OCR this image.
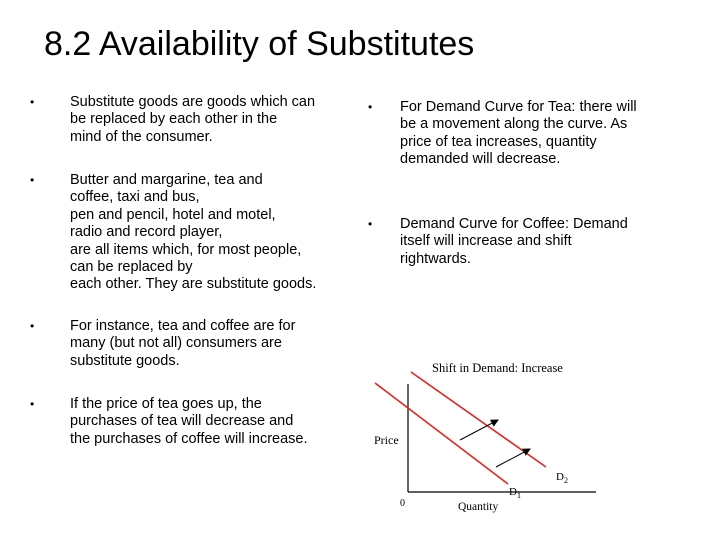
8.2 Availability of Substitutes
• Substitute goods are goods which can
be replaced by each other in the
mind of the consumer.
• Butter and margarine, tea and
coffee, taxi and bus,
pen and pencil, hotel and motel,
radio and record player,
are all items which, for most people,
can be replaced by
each other. They are substitute goods.
• For instance, tea and coffee are for
many (but not all) consumers are
substitute goods.
• If the price of tea goes up, the
purchases of tea will decrease and
the purchases of coffee will increase.
• For Demand Curve for Tea: there will
be a movement along the curve. As
price of tea increases, quantity
demanded will decrease.
• Demand Curve for Coffee: Demand
itself will increase and shift
rightwards.
Shift in Demand: Increase
Price
Quantity
0
$D_1$
$D_2$
